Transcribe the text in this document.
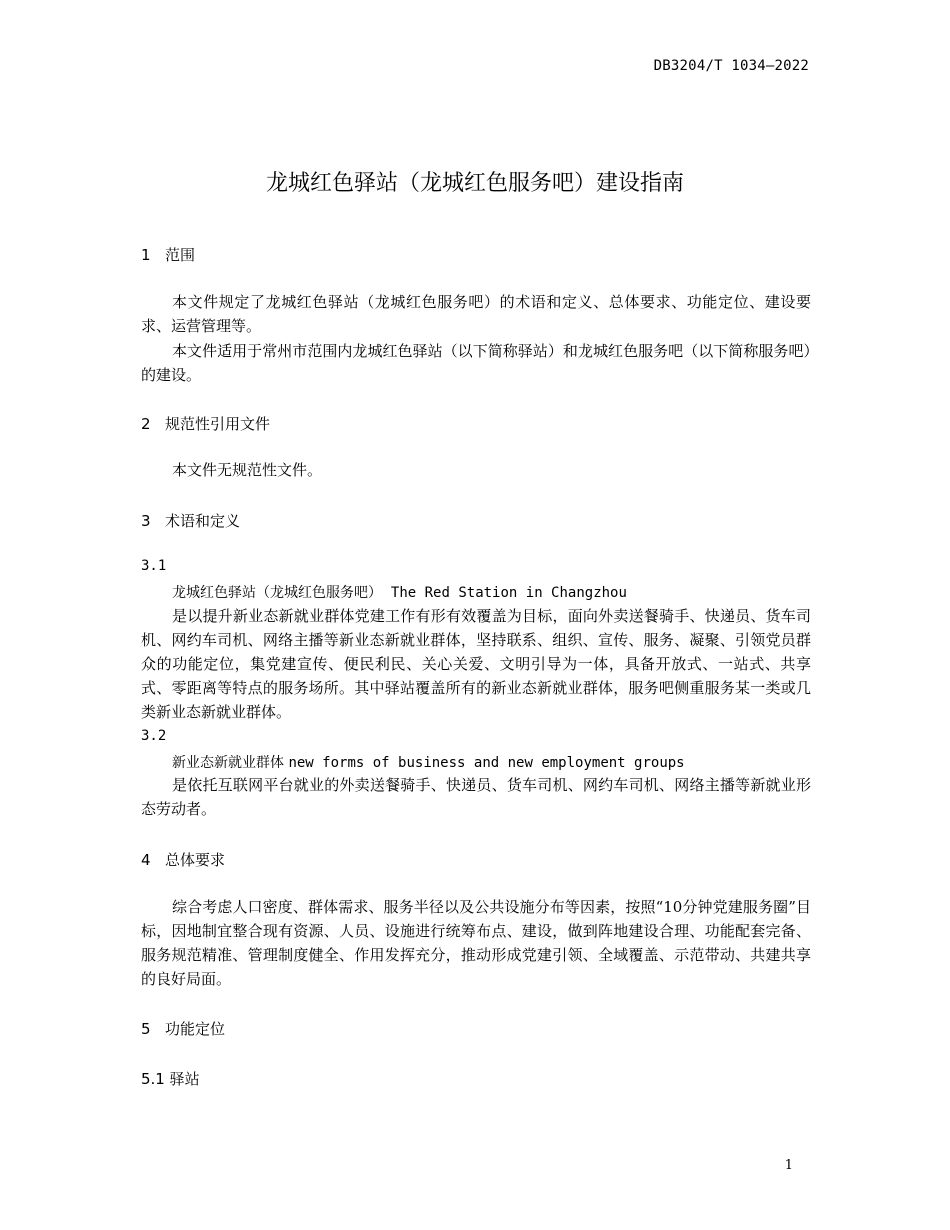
DB3204/T 1034—2022
龙城红色驿站（龙城红色服务吧）建设指南
1 范围
本文件规定了龙城红色驿站（龙城红色服务吧）的术语和定义、总体要求、功能定位、建设要求、运营管理等。
本文件适用于常州市范围内龙城红色驿站（以下简称驿站）和龙城红色服务吧（以下简称服务吧）的建设。
2 规范性引用文件
本文件无规范性文件。
3 术语和定义
3.1
龙城红色驿站（龙城红色服务吧） The Red Station in Changzhou
是以提升新业态新就业群体党建工作有形有效覆盖为目标，面向外卖送餐骑手、快递员、货车司机、网约车司机、网络主播等新业态新就业群体，坚持联系、组织、宣传、服务、凝聚、引领党员群众的功能定位，集党建宣传、便民利民、关心关爱、文明引导为一体，具备开放式、一站式、共享式、零距离等特点的服务场所。其中驿站覆盖所有的新业态新就业群体，服务吧侧重服务某一类或几类新业态新就业群体。
3.2
新业态新就业群体 new forms of business and new employment groups
是依托互联网平台就业的外卖送餐骑手、快递员、货车司机、网约车司机、网络主播等新就业形态劳动者。
4 总体要求
综合考虑人口密度、群体需求、服务半径以及公共设施分布等因素，按照“10分钟党建服务圈”目标，因地制宜整合现有资源、人员、设施进行统筹布点、建设，做到阵地建设合理、功能配套完备、服务规范精准、管理制度健全、作用发挥充分，推动形成党建引领、全域覆盖、示范带动、共建共享的良好局面。
5 功能定位
5.1 驿站
1
